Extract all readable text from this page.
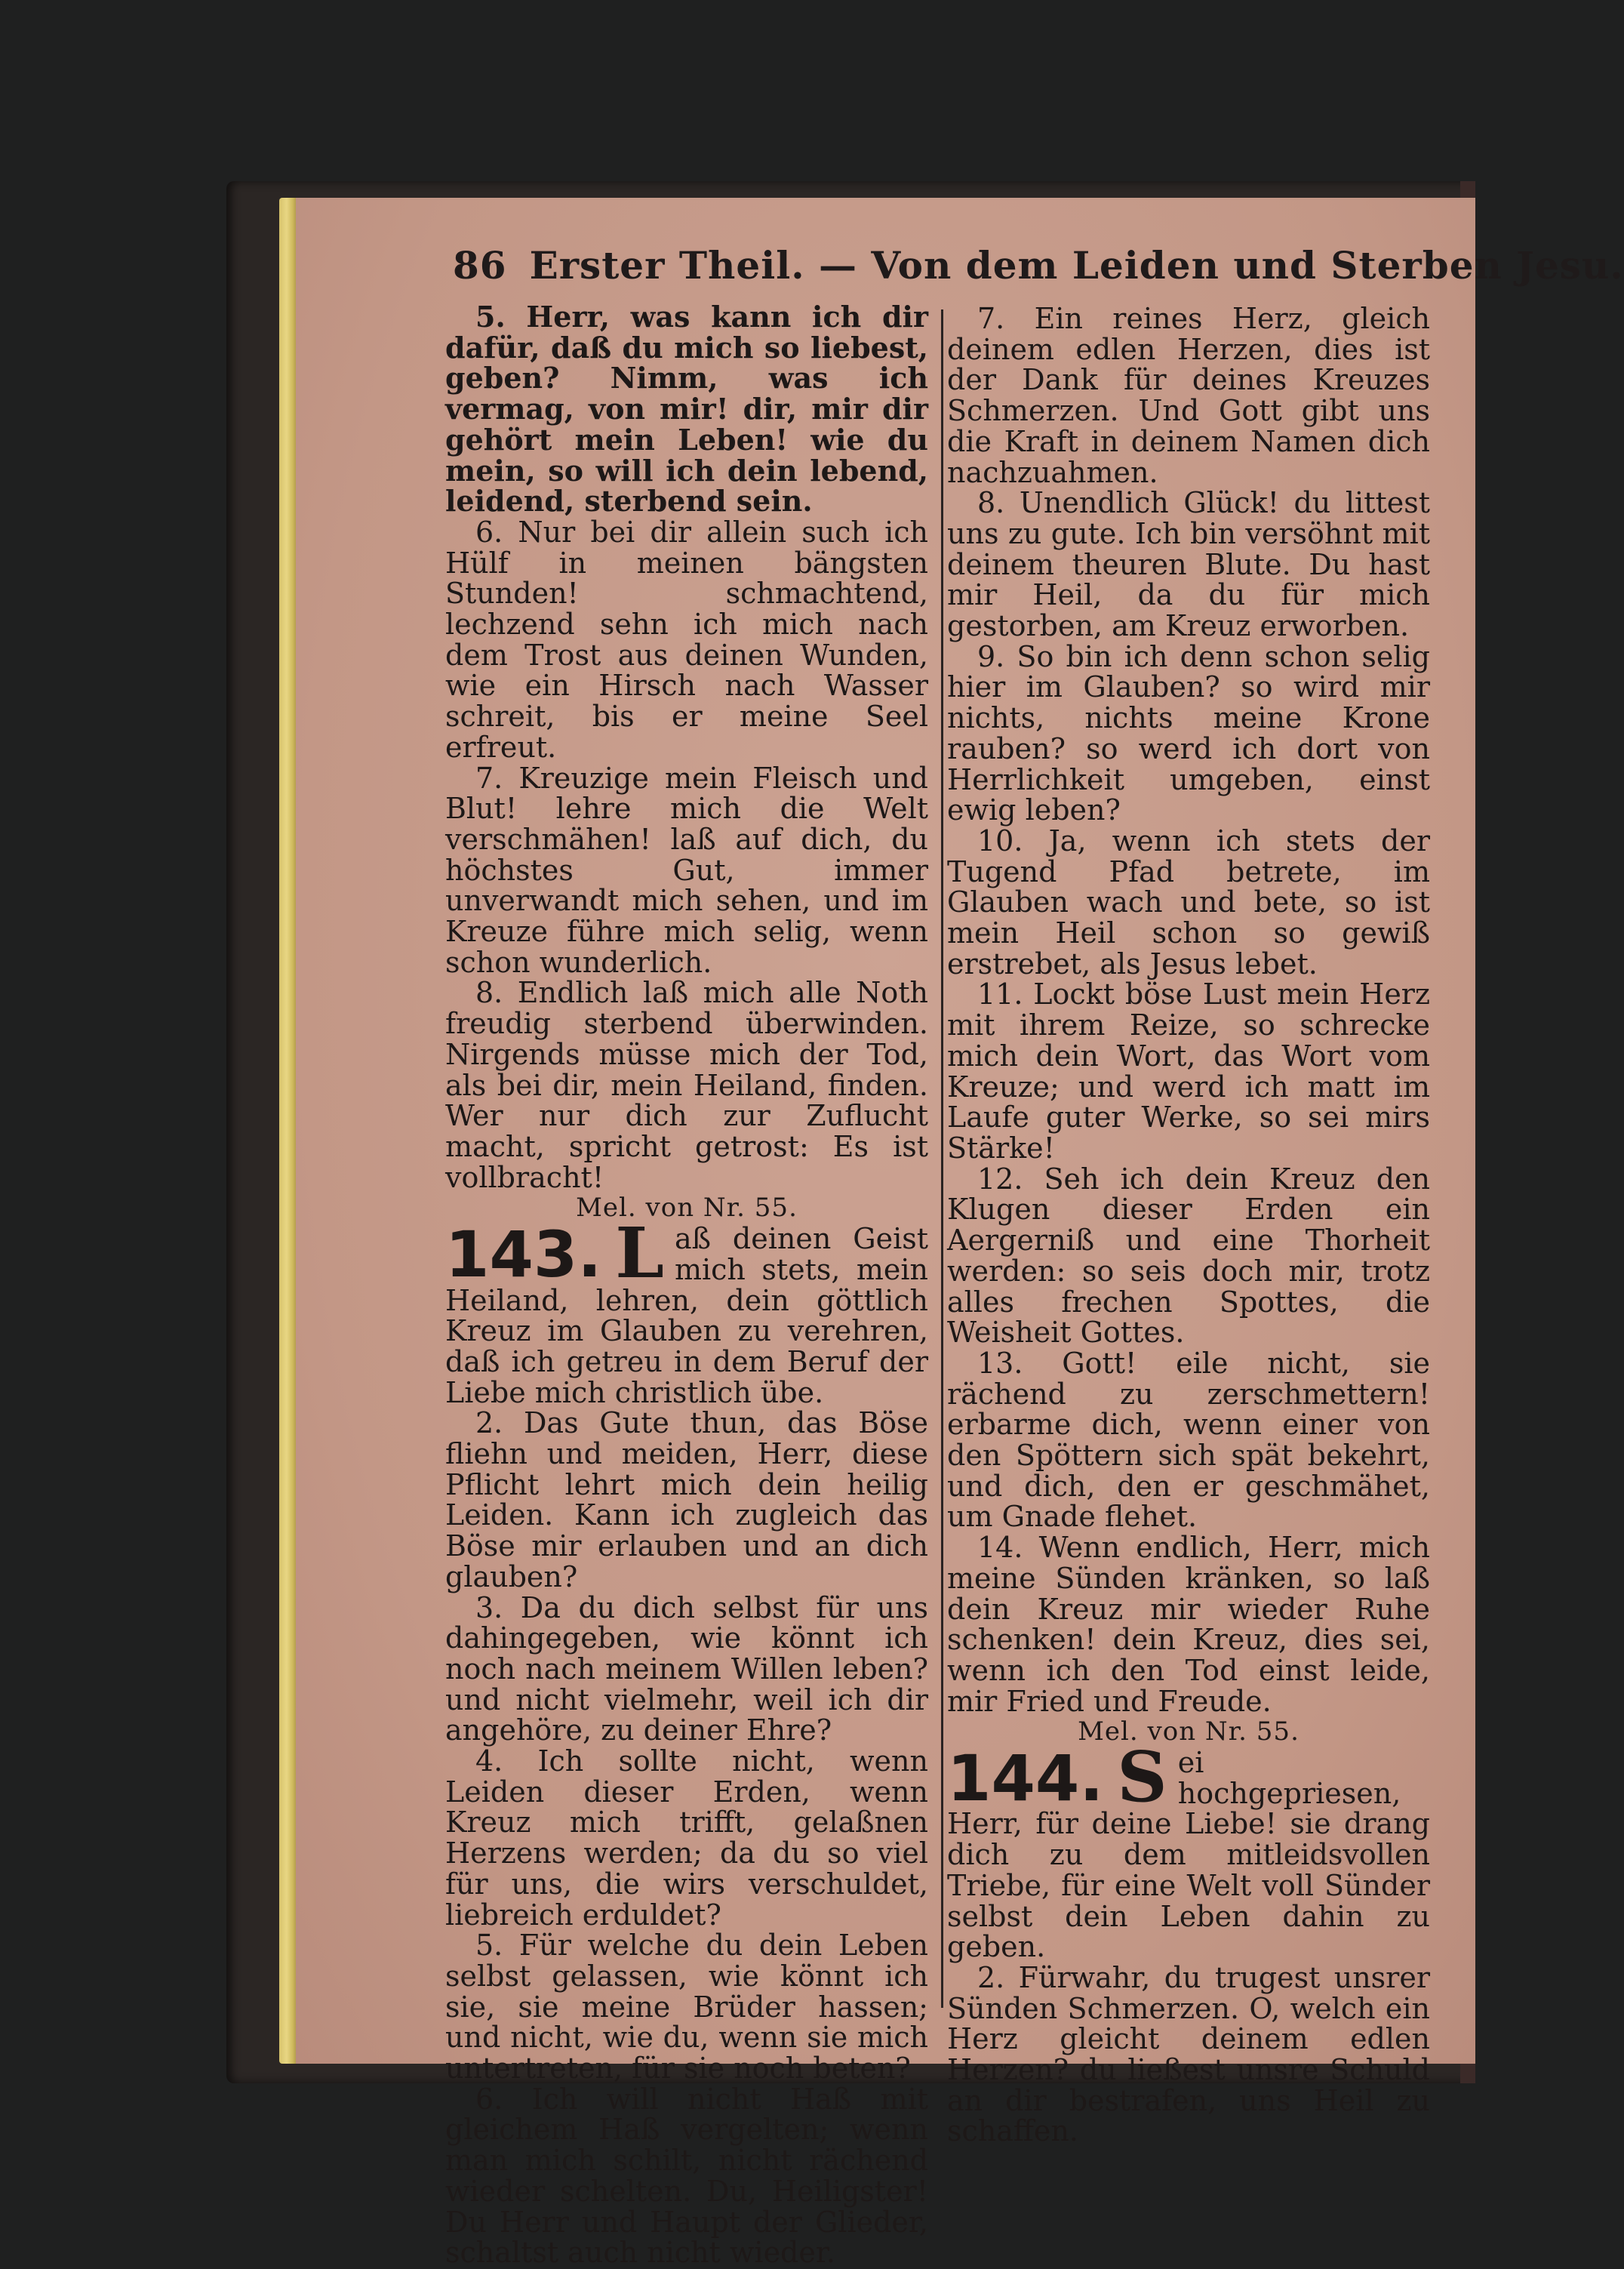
86 Erster Theil. — Von dem Leiden und Sterben Jesu.

5. Herr, was kann ich dir dafür, daß du mich so liebest, geben? Nimm, was ich vermag, von mir! dir, mir dir gehört mein Leben! wie du mein, so will ich dein lebend, leidend, sterbend sein.

6. Nur bei dir allein such ich Hülf in meinen bängsten Stunden! schmachtend, lechzend sehn ich mich nach dem Trost aus deinen Wunden, wie ein Hirsch nach Wasser schreit, bis er meine Seel erfreut.

7. Kreuzige mein Fleisch und Blut! lehre mich die Welt verschmähen! laß auf dich, du höchstes Gut, immer unverwandt mich sehen, und im Kreuze führe mich selig, wenn schon wunderlich.

8. Endlich laß mich alle Noth freudig sterbend überwinden. Nirgends müsse mich der Tod, als bei dir, mein Heiland, finden. Wer nur dich zur Zuflucht macht, spricht getrost: Es ist vollbracht!

Mel. von Nr. 55.

143. L aß deinen Geist mich stets, mein Heiland, lehren, dein göttlich Kreuz im Glauben zu verehren, daß ich getreu in dem Beruf der Liebe mich christlich übe.

2. Das Gute thun, das Böse fliehn und meiden, Herr, diese Pflicht lehrt mich dein heilig Leiden. Kann ich zugleich das Böse mir erlauben und an dich glauben?

3. Da du dich selbst für uns dahingegeben, wie könnt ich noch nach meinem Willen leben? und nicht vielmehr, weil ich dir angehöre, zu deiner Ehre?

4. Ich sollte nicht, wenn Leiden dieser Erden, wenn Kreuz mich trifft, gelaßnen Herzens werden; da du so viel für uns, die wirs verschuldet, liebreich erduldet?

5. Für welche du dein Leben selbst gelassen, wie könnt ich sie, sie meine Brüder hassen; und nicht, wie du, wenn sie mich untertreten, für sie noch beten?

6. Ich will nicht Haß mit gleichem Haß vergelten; wenn man mich schilt, nicht rächend wieder schelten. Du, Heiligster! Du Herr und Haupt der Glieder, schaltst auch nicht wieder.

7. Ein reines Herz, gleich deinem edlen Herzen, dies ist der Dank für deines Kreuzes Schmerzen. Und Gott gibt uns die Kraft in deinem Namen dich nachzuahmen.

8. Unendlich Glück! du littest uns zu gute. Ich bin versöhnt mit deinem theuren Blute. Du hast mir Heil, da du für mich gestorben, am Kreuz erworben.

9. So bin ich denn schon selig hier im Glauben? so wird mir nichts, nichts meine Krone rauben? so werd ich dort von Herrlichkeit umgeben, einst ewig leben?

10. Ja, wenn ich stets der Tugend Pfad betrete, im Glauben wach und bete, so ist mein Heil schon so gewiß erstrebet, als Jesus lebet.

11. Lockt böse Lust mein Herz mit ihrem Reize, so schrecke mich dein Wort, das Wort vom Kreuze; und werd ich matt im Laufe guter Werke, so sei mirs Stärke!

12. Seh ich dein Kreuz den Klugen dieser Erden ein Aergerniß und eine Thorheit werden: so seis doch mir, trotz alles frechen Spottes, die Weisheit Gottes.

13. Gott! eile nicht, sie rächend zu zerschmettern! erbarme dich, wenn einer von den Spöttern sich spät bekehrt, und dich, den er geschmähet, um Gnade flehet.

14. Wenn endlich, Herr, mich meine Sünden kränken, so laß dein Kreuz mir wieder Ruhe schenken! dein Kreuz, dies sei, wenn ich den Tod einst leide, mir Fried und Freude.

Mel. von Nr. 55.

144. S ei hochgepriesen, Herr, für deine Liebe! sie drang dich zu dem mitleidsvollen Triebe, für eine Welt voll Sünder selbst dein Leben dahin zu geben.

2. Fürwahr, du trugest unsrer Sünden Schmerzen. O, welch ein Herz gleicht deinem edlen Herzen? du ließest unsre Schuld an dir bestrafen, uns Heil zu schaffen.
